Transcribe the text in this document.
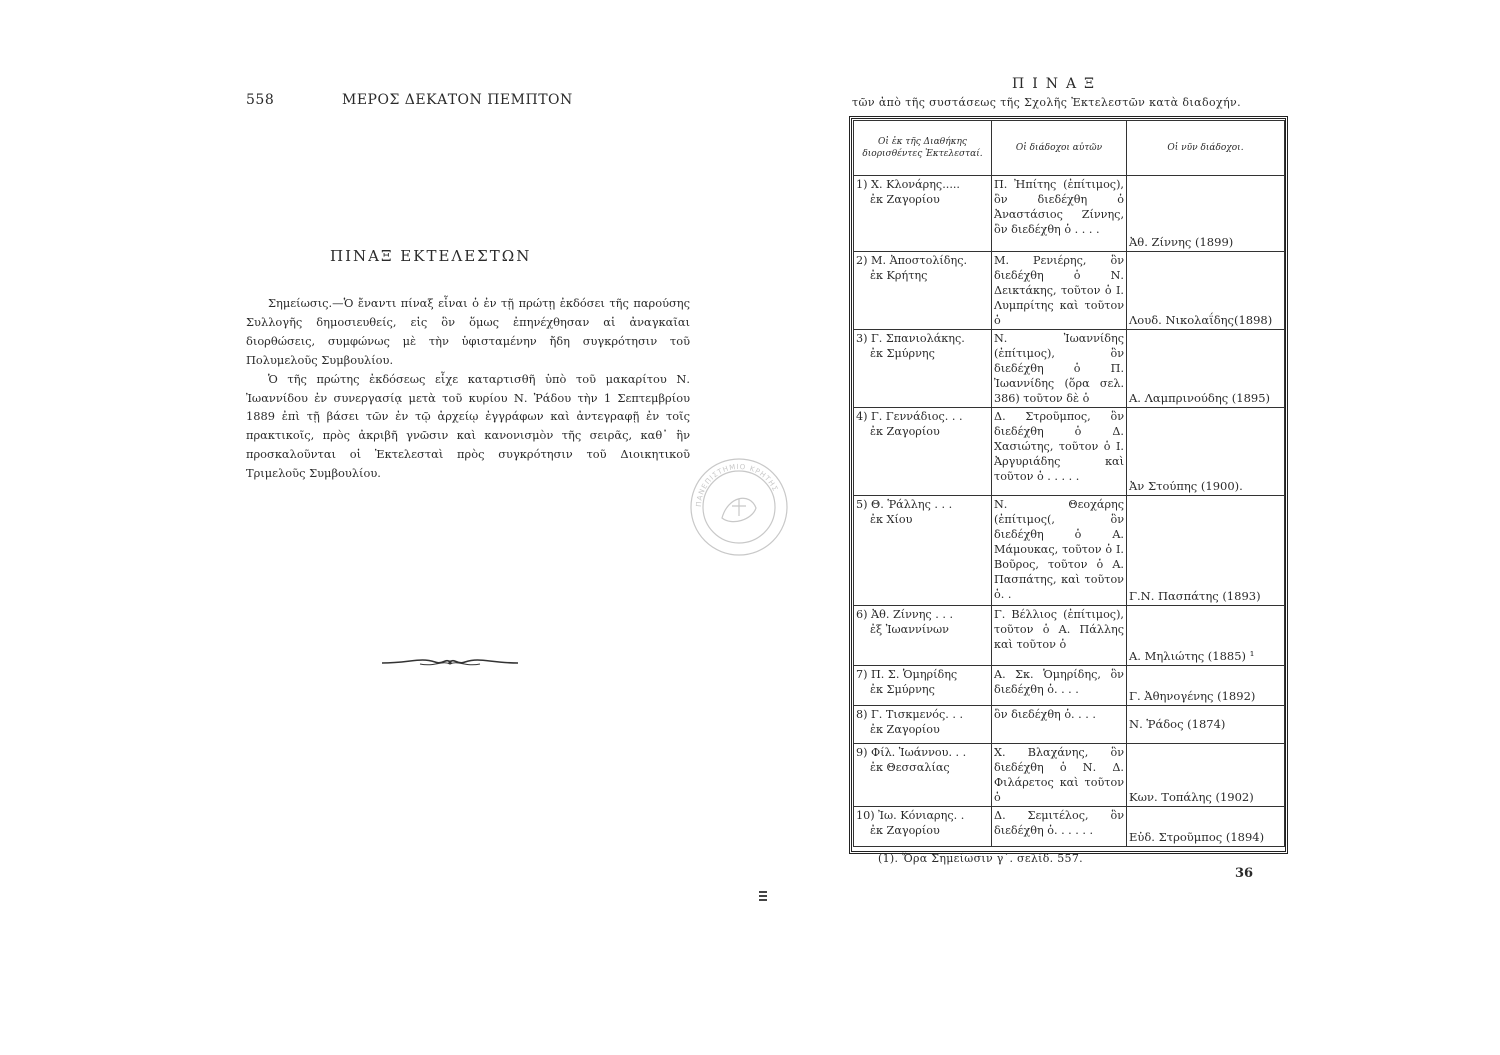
558	ΜΕΡΟΣ ΔΕΚΑΤΟΝ ΠΕΜΠΤΟΝ
ΠΙΝΑΞ ΕΚΤΕΛΕΣΤΩΝ

Σημείωσις.—Ὁ ἔναντι πίναξ εἶναι ὁ ἐν τῇ πρώτῃ ἐκδόσει τῆς παρούσης Συλλογῆς δημοσιευθείς, εἰς ὃν ὅμως ἐπηνέχθησαν αἱ ἀναγκαῖαι διορθώσεις, συμφώνως μὲ τὴν ὑφισταμένην ἤδη συγκρότησιν τοῦ Πολυμελοῦς Συμβουλίου.

Ὁ τῆς πρώτης ἐκδόσεως εἶχε καταρτισθῆ ὑπὸ τοῦ μακαρίτου Ν. Ἰωαννίδου ἐν συνεργασίᾳ μετὰ τοῦ κυρίου Ν. Ῥάδου τὴν 1 Σεπτεμβρίου 1889 ἐπὶ τῇ βάσει τῶν ἐν τῷ ἀρχείῳ ἐγγράφων καὶ ἀντεγραφῇ ἐν τοῖς πρακτικοῖς, πρὸς ἀκριβῆ γνῶσιν καὶ κανονισμὸν τῆς σειρᾶς, καθ᾽ ἣν προσκαλοῦνται οἱ Ἐκτελεσταὶ πρὸς συγκρότησιν τοῦ Διοικητικοῦ Τριμελοῦς Συμβουλίου.

ΠΙΝΑΞ
τῶν ἀπὸ τῆς συστάσεως τῆς Σχολῆς Ἐκτελεστῶν κατὰ διαδοχήν.
Οἱ ἐκ τῆς Διαθήκης διορισθέντες Ἐκτελεσταί.	Οἱ διάδοχοι αὐτῶν	Οἱ νῦν διάδοχοι.
1) Χ. Κλονάρης.....
ἐκ Ζαγορίου	Π. Ἠπίτης (ἐπίτιμος), ὃν διεδέχθη ὁ Ἀναστάσιος Ζίννης, ὃν διεδέχθη ὁ . . . .	Ἀθ. Ζίννης (1899)
2) Μ. Ἀποστολίδης.
ἐκ Κρήτης	Μ. Ρενιέρης, ὃν διεδέχθη ὁ Ν. Δεικτάκης, τοῦτον ὁ Ι. Λυμπρίτης καὶ τοῦτον ὁ	Λουδ. Νικολαΐδης(1898)
3) Γ. Σπανιολάκης.
ἐκ Σμύρνης	Ν. Ἰωαννίδης (ἐπίτιμος), ὃν διεδέχθη ὁ Π. Ἰωαννίδης (ὅρα σελ. 386) τοῦτον δὲ ὁ	Α. Λαμπρινούδης (1895)
4) Γ. Γεννάδιος. . .
ἐκ Ζαγορίου	Δ. Στροῦμπος, ὃν διεδέχθη ὁ Δ. Χασιώτης, τοῦτον ὁ Ι. Ἀργυριάδης καὶ τοῦτον ὁ . . . . .	Ἀν Στούπης (1900).
5) Θ. Ῥάλλης . . .
ἐκ Χίου	Ν. Θεοχάρης (ἐπίτιμος(, ὃν διεδέχθη ὁ Α. Μάμουκας, τοῦτον ὁ Ι. Βοῦρος, τοῦτον ὁ Α. Πασπάτης, καὶ τοῦτον ὁ. .	Γ.Ν. Πασπάτης (1893)
6) Ἀθ. Ζίννης . . .
ἐξ Ἰωαννίνων	Γ. Βέλλιος (ἐπίτιμος), τοῦτον ὁ Α. Πάλλης καὶ τοῦτον ὁ	Α. Μηλιώτης (1885) ¹
7) Π. Σ. Ὁμηρίδης
ἐκ Σμύρνης	Α. Σκ. Ὁμηρίδης, ὃν διεδέχθη ὁ. . . .	Γ. Ἀθηνογένης (1892)
8) Γ. Τισκμενός. . .
ἐκ Ζαγορίου	ὃν διεδέχθη ὁ. . . .	Ν. Ῥάδος (1874)
9) Φίλ. Ἰωάννου. . .
ἐκ Θεσσαλίας	Χ. Βλαχάνης, ὃν διεδέχθη ὁ Ν. Δ. Φιλάρετος καὶ τοῦτον ὁ	Κων. Τοπάλης (1902)
10) Ἰω. Κόνιαρης. .
ἐκ Ζαγορίου	Δ. Σεμιτέλος, ὃν διεδέχθη ὁ. . . . . .	Εὐδ. Στροῦμπος (1894)
(1). Ὅρα Σημείωσιν γ΄. σελίδ. 557.
36
ΠΑΝΕΠΙΣΤΗΜΙΟ ΚΡΗΤΗΣ
